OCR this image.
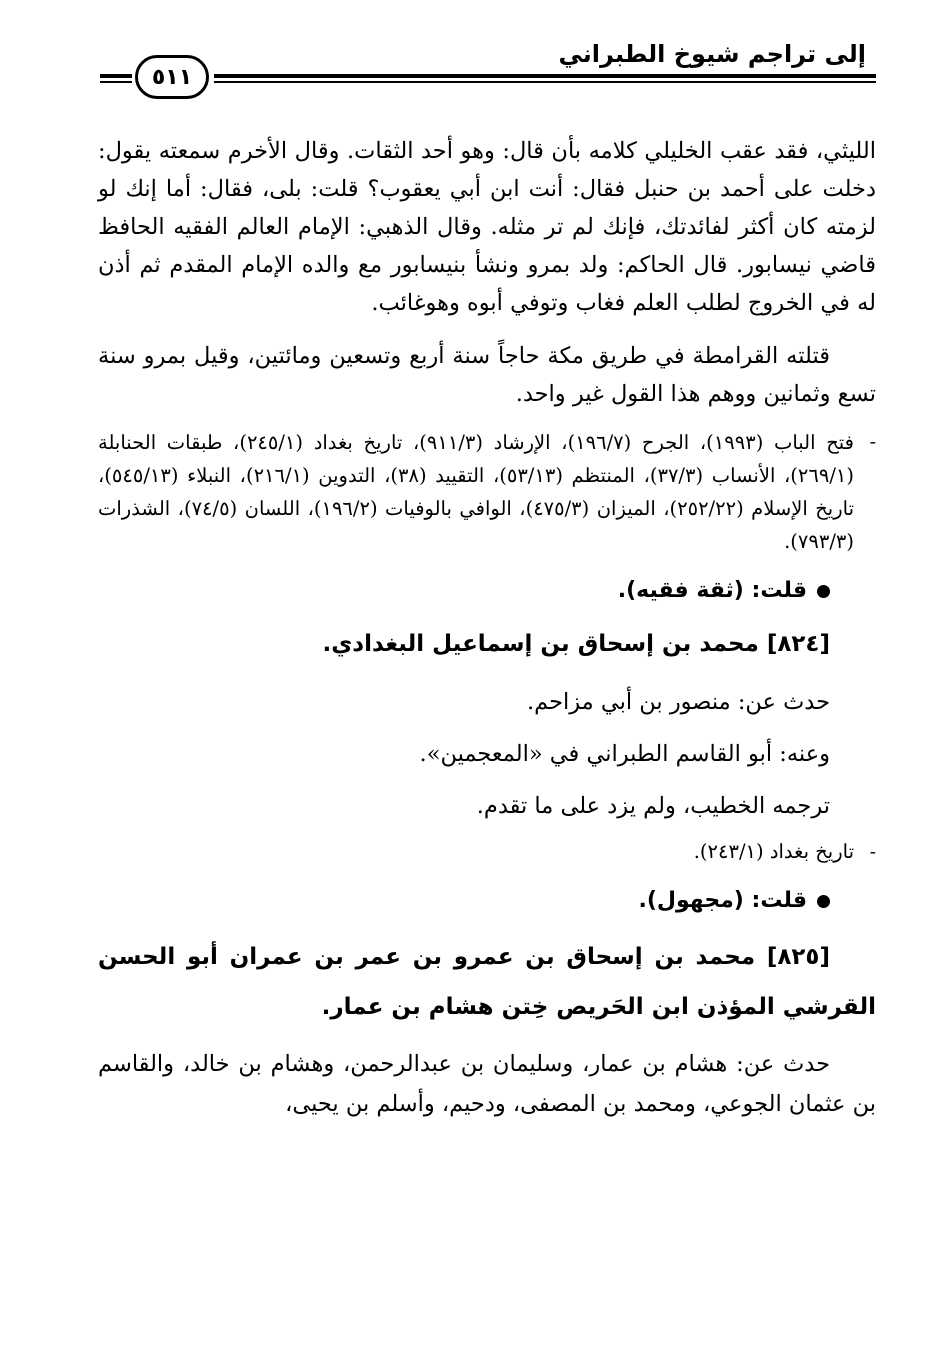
إلى تراجم شيوخ الطبراني
٥١١

الليثي، فقد عقب الخليلي كلامه بأن قال: وهو أحد الثقات. وقال الأخرم سمعته يقول: دخلت على أحمد بن حنبل فقال: أنت ابن أبي يعقوب؟ قلت: بلى، فقال: أما إنك لو لزمته كان أكثر لفائدتك، فإنك لم تر مثله. وقال الذهبي: الإمام العالم الفقيه الحافظ قاضي نيسابور. قال الحاكم: ولد بمرو ونشأ بنيسابور مع والده الإمام المقدم ثم أذن له في الخروج لطلب العلم فغاب وتوفي أبوه وهوغائب.

قتلته القرامطة في طريق مكة حاجاً سنة أربع وتسعين ومائتين، وقيل بمرو سنة تسع وثمانين ووهم هذا القول غير واحد.

-

فتح الباب (١٩٩٣)، الجرح (١٩٦/٧)، الإرشاد (٩١١/٣)، تاريخ بغداد (٢٤٥/١)، طبقات الحنابلة (٢٦٩/١)، الأنساب (٣٧/٣)، المنتظم (٥٣/١٣)، التقييد (٣٨)، التدوين (٢١٦/١)، النبلاء (٥٤٥/١٣)، تاريخ الإسلام (٢٥٢/٢٢)، الميزان (٤٧٥/٣)، الوافي بالوفيات (١٩٦/٢)، اللسان (٧٤/٥)، الشذرات (٧٩٣/٣).

قلت: (ثقة فقيه).
[٨٢٤] محمد بن إسحاق بن إسماعيل البغدادي.
حدث عن: منصور بن أبي مزاحم.
وعنه: أبو القاسم الطبراني في «المعجمين».
ترجمه الخطيب، ولم يزد على ما تقدم.
-
تاريخ بغداد (٢٤٣/١).
قلت: (مجهول).

[٨٢٥] محمد بن إسحاق بن عمرو بن عمر بن عمران أبو الحسن القرشي المؤذن ابن الحَريص خِتن هشام بن عمار.

حدث عن: هشام بن عمار، وسليمان بن عبدالرحمن، وهشام بن خالد، والقاسم بن عثمان الجوعي، ومحمد بن المصفى، ودحيم، وأسلم بن يحيى،
